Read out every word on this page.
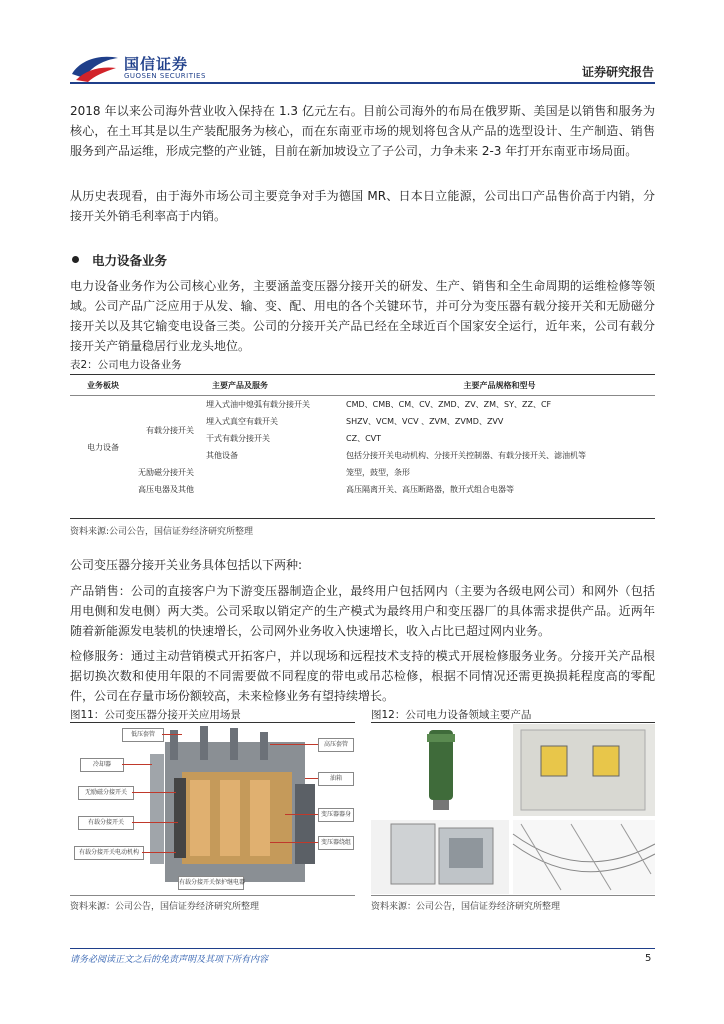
国信证券
GUOSEN SECURITIES	证券研究报告
2018 年以来公司海外营业收入保持在 1.3 亿元左右。目前公司海外的布局在俄罗斯、美国是以销售和服务为核心，在土耳其是以生产装配服务为核心，而在东南亚市场的规划将包含从产品的选型设计、生产制造、销售服务到产品运维，形成完整的产业链，目前在新加坡设立了子公司，力争未来 2-3 年打开东南亚市场局面。
从历史表现看，由于海外市场公司主要竞争对手为德国 MR、日本日立能源，公司出口产品售价高于内销，分接开关外销毛利率高于内销。
电力设备业务
电力设备业务作为公司核心业务，主要涵盖变压器分接开关的研发、生产、销售和全生命周期的运维检修等领域。公司产品广泛应用于从发、输、变、配、用电的各个关键环节，并可分为变压器有载分接开关和无励磁分接开关以及其它输变电设备三类。公司的分接开关产品已经在全球近百个国家安全运行，近年来，公司有载分接开关产销量稳居行业龙头地位。
表2：公司电力设备业务
业务板块	主要产品及服务		主要产品规格和型号

电力设备	有载分接开关	埋入式油中熄弧有载分接开关	CMD、CMB、CM、CV、ZMD、ZV、ZM、SY、ZZ、CF
		埋入式真空有载开关	SHZV、VCM、VCV 、ZVM、ZVMD、ZVV
		干式有载分接开关	CZ、CVT
		其他设备	包括分接开关电动机构、分接开关控制器、有载分接开关、滤油机等
	无励磁分接开关		笼型，鼓型，条形
	高压电器及其他		高压隔离开关、高压断路器，散开式组合电器等
资料来源:公司公告，国信证券经济研究所整理
公司变压器分接开关业务具体包括以下两种:
产品销售：公司的直接客户为下游变压器制造企业，最终用户包括网内（主要为各级电网公司）和网外（包括用电侧和发电侧）两大类。公司采取以销定产的生产模式为最终用户和变压器厂的具体需求提供产品。近两年随着新能源发电装机的快速增长，公司网外业务收入快速增长，收入占比已超过网内业务。
检修服务：通过主动营销模式开拓客户，并以现场和远程技术支持的模式开展检修服务业务。分接开关产品根据切换次数和使用年限的不同需要做不同程度的带电或吊芯检修，根据不同情况还需更换损耗程度高的零配件，公司在存量市场份额较高，未来检修业务有望持续增长。
图11：公司变压器分接开关应用场景
低压套管
冷却器
无励磁分接开关
有载分接开关
有载分接开关电动机构
高压套管
油箱
变压器器身
变压器绕组
有载分接开关保护继电器
资料来源：公司公告，国信证券经济研究所整理
图12：公司电力设备领域主要产品
资料来源：公司公告，国信证券经济研究所整理
请务必阅读正文之后的免责声明及其项下所有内容	5
